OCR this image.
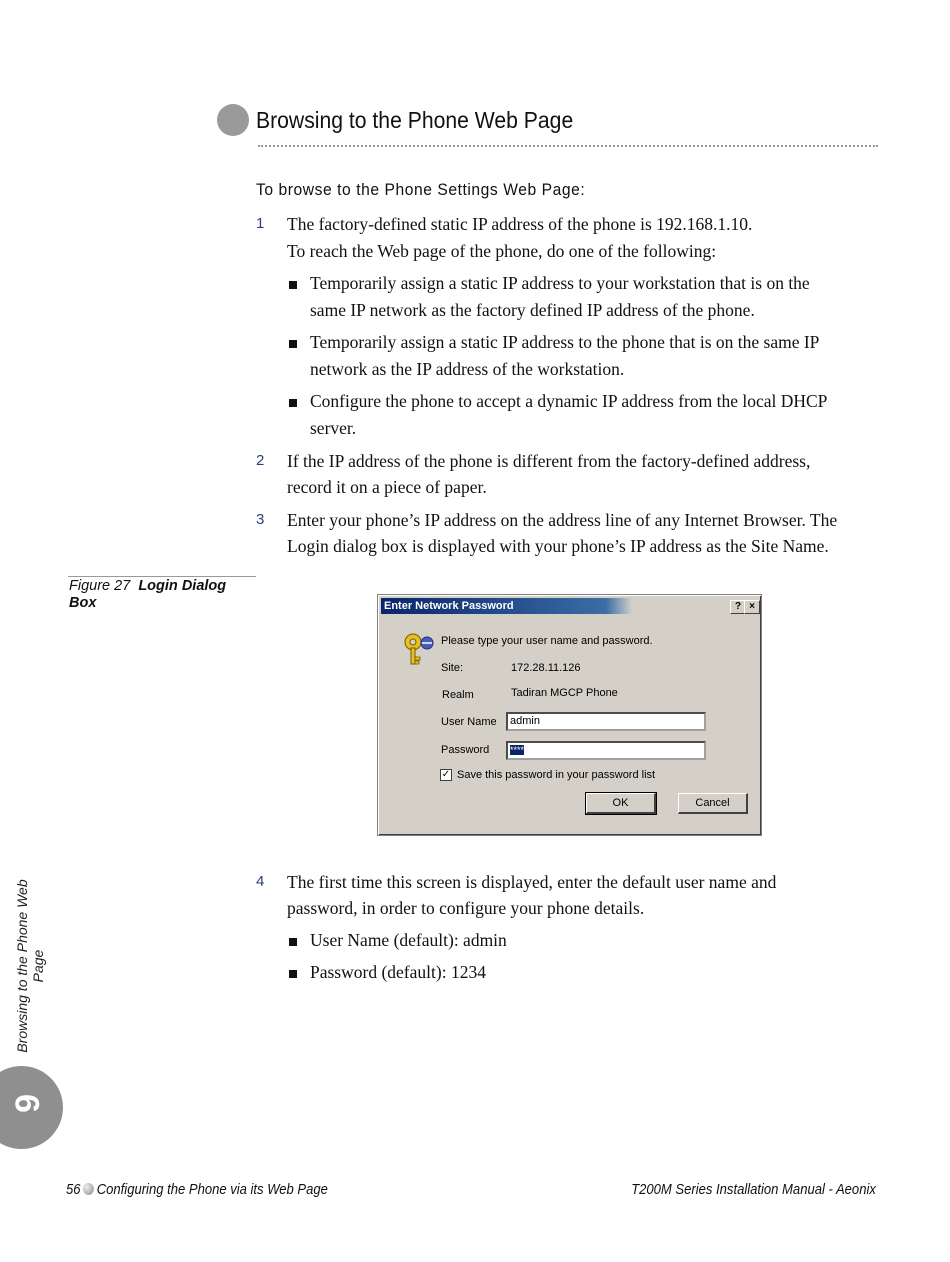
Browsing to the Phone Web Page
To browse to the Phone Settings Web Page:
1 The factory-defined static IP address of the phone is 192.168.1.10.
To reach the Web page of the phone, do one of the following:
Temporarily assign a static IP address to your workstation that is on the
same IP network as the factory defined IP address of the phone.
Temporarily assign a static IP address to the phone that is on the same IP
network as the IP address of the workstation.
Configure the phone to accept a dynamic IP address from the local DHCP
server.
2 If the IP address of the phone is different from the factory-defined address,
record it on a piece of paper.
3 Enter your phone’s IP address on the address line of any Internet Browser. The
Login dialog box is displayed with your phone’s IP address as the Site Name.
Figure 27 Login Dialog
Box	Enter Network Password	? ×
Please type your user name and password.
Site:	172.28.11.126
Realm	Tadiran MGCP Phone
User Name	admin
Password	****
✓ Save this password in your password list
OK	Cancel
4 The first time this screen is displayed, enter the default user name and
password, in order to configure your phone details.
User Name (default): admin
Password (default): 1234
Browsing to the Phone Web Page
6
56 Configuring the Phone via its Web Page	T200M Series Installation Manual - Aeonix
